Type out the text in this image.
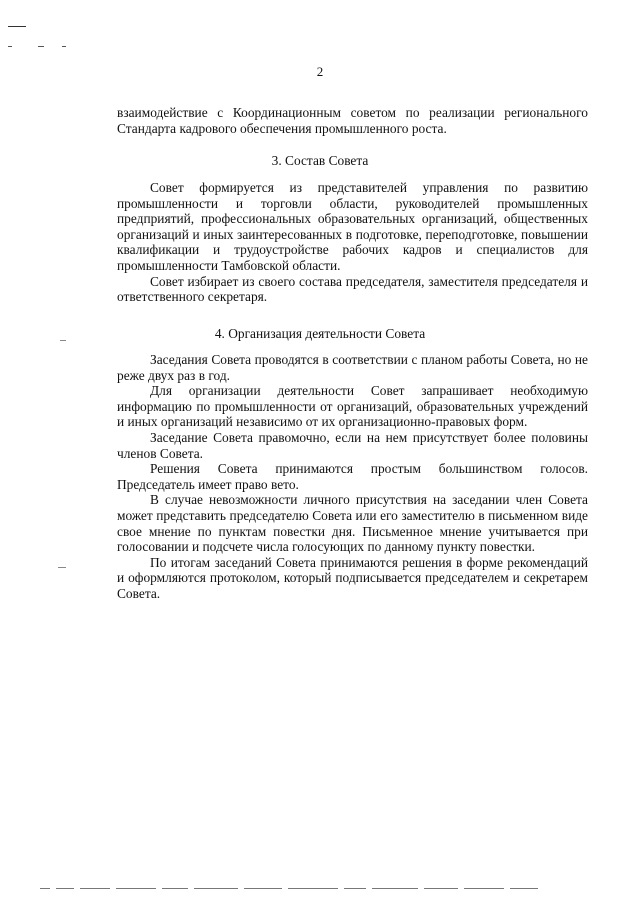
2

взаимодействие с Координационным советом по реализации регионального Стандарта кадрового обеспечения промышленного роста.

3. Состав Совета

Совет формируется из представителей управления по развитию промышленности и торговли области, руководителей промышленных предприятий, профессиональных образовательных организаций, общественных организаций и иных заинтересованных в подготовке, переподготовке, повышении квалификации и трудоустройстве рабочих кадров и специалистов для промышленности Тамбовской области.

Совет избирает из своего состава председателя, заместителя председателя и ответственного секретаря.

4. Организация деятельности Совета

Заседания Совета проводятся в соответствии с планом работы Совета, но не реже двух раз в год.

Для организации деятельности Совет запрашивает необходимую информацию по промышленности от организаций, образовательных учреждений и иных организаций независимо от их организационно-правовых форм.

Заседание Совета правомочно, если на нем присутствует более половины членов Совета.

Решения Совета принимаются простым большинством голосов. Председатель имеет право вето.

В случае невозможности личного присутствия на заседании член Совета может представить председателю Совета или его заместителю в письменном виде свое мнение по пунктам повестки дня. Письменное мнение учитывается при голосовании и подсчете числа голосующих по данному пункту повестки.

По итогам заседаний Совета принимаются решения в форме рекомендаций и оформляются протоколом, который подписывается председателем и секретарем Совета.
